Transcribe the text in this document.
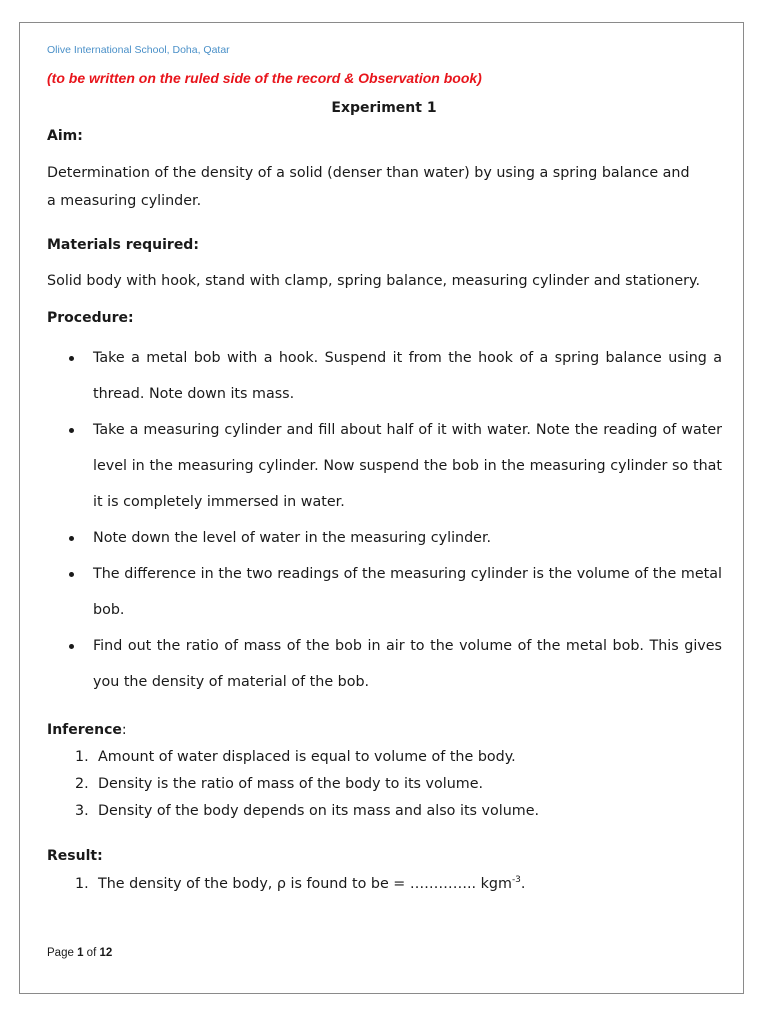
Olive International School, Doha, Qatar
(to be written on the ruled side of the record & Observation book)
Experiment 1
Aim:
Determination of the density of a solid (denser than water) by using a spring balance and
a measuring cylinder.
Materials required:
Solid body with hook, stand with clamp, spring balance, measuring cylinder and stationery.
Procedure:
Take a metal bob with a hook. Suspend it from the hook of a spring balance using a thread. Note down its mass.
Take a measuring cylinder and fill about half of it with water. Note the reading of water level in the measuring cylinder. Now suspend the bob in the measuring cylinder so that it is completely immersed in water.
Note down the level of water in the measuring cylinder.
The difference in the two readings of the measuring cylinder is the volume of the metal bob.
Find out the ratio of mass of the bob in air to the volume of the metal bob. This gives you the density of material of the bob.
Inference:
1. Amount of water displaced is equal to volume of the body.
2. Density is the ratio of mass of the body to its volume.
3. Density of the body depends on its mass and also its volume.
Result:
1. The density of the body, ρ is found to be = ………….. kgm$^{-3}$.
Page 1 of 12
